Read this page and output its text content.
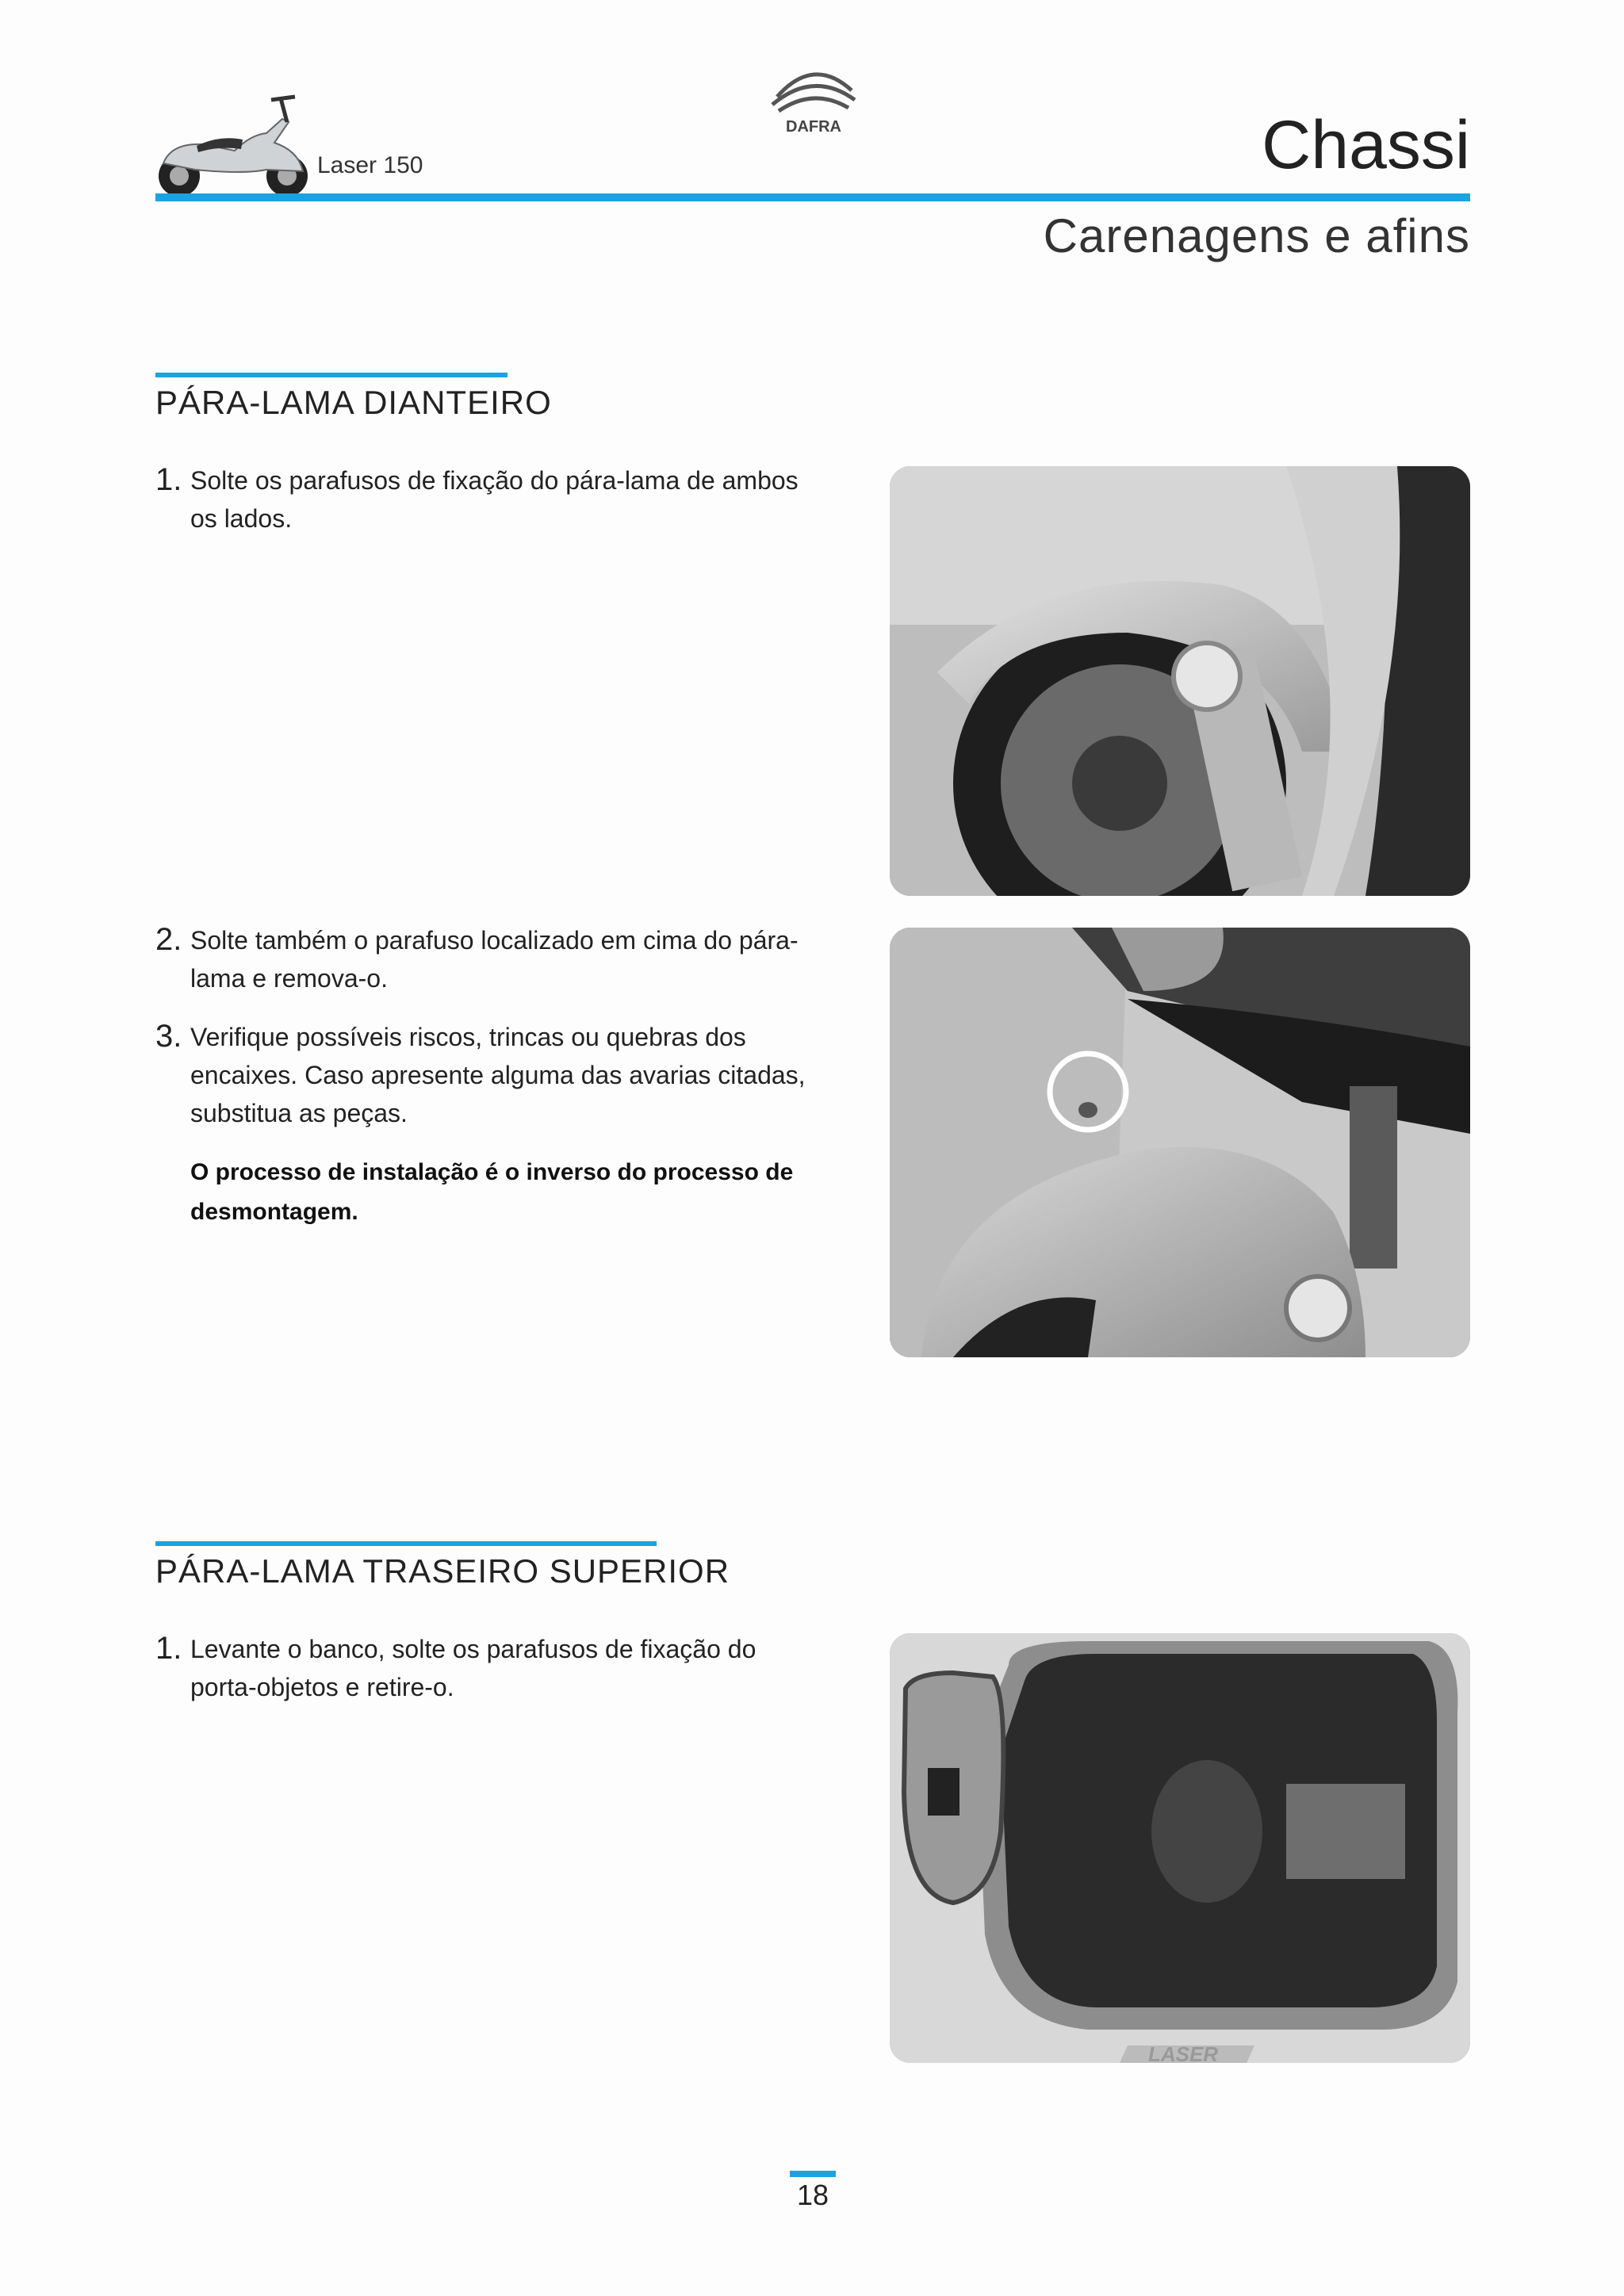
Laser 150
DAFRA	Chassi
Carenagens e afins
PÁRA-LAMA DIANTEIRO
1. Solte os parafusos de fixação do pára-lama de ambos os lados.
2. Solte também o parafuso localizado em cima do pára-lama e remova-o.
3. Verifique possíveis riscos, trincas ou quebras dos encaixes. Caso apresente alguma das avarias citadas, substitua as peças.
O processo de instalação é o inverso do processo de desmontagem.
PÁRA-LAMA TRASEIRO SUPERIOR
1. Levante o banco, solte os parafusos de fixação do porta-objetos e retire-o.
LASER
18
